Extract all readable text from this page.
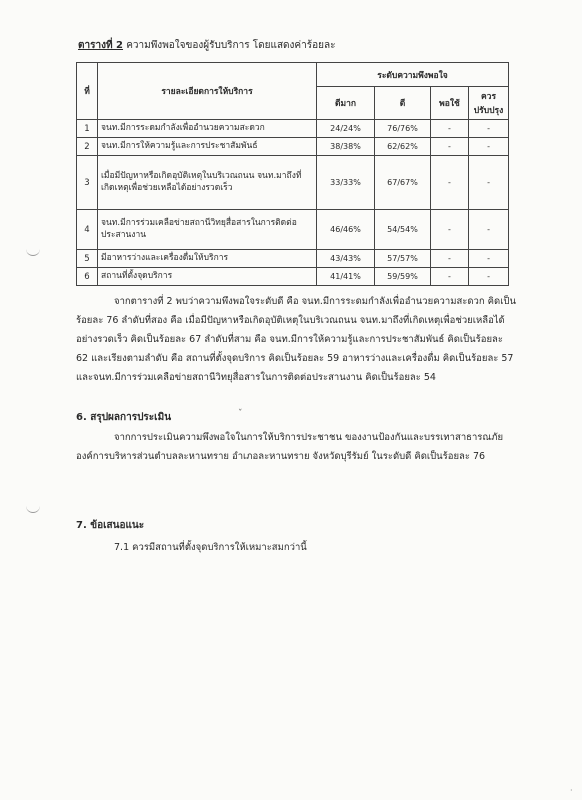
ตารางที่ 2 ความพึงพอใจของผู้รับบริการ โดยแสดงค่าร้อยละ
ที่	รายละเอียดการให้บริการ	ระดับความพึงพอใจ			
		ดีมาก	ดี	พอใช้	ควรปรับปรุง
1	จนท.มีการระดมกำลังเพื่ออำนวยความสะดวก	24/24%	76/76%	-	-
2	จนท.มีการให้ความรู้และการประชาสัมพันธ์	38/38%	62/62%	-	-
3	เมื่อมีปัญหาหรือเกิดอุบัติเหตุในบริเวณถนน จนท.มาถึงที่เกิดเหตุเพื่อช่วยเหลือได้อย่างรวดเร็ว	33/33%	67/67%	-	-
4	จนท.มีการร่วมเคลือข่ายสถานีวิทยุสื่อสารในการติดต่อประสานงาน	46/46%	54/54%	-	-
5	มีอาหารว่างและเครื่องดื่มให้บริการ	43/43%	57/57%	-	-
6	สถานที่ตั้งจุดบริการ	41/41%	59/59%	-	-
จากตารางที่ 2 พบว่าความพึงพอใจระดับดี คือ จนท.มีการระดมกำลังเพื่ออำนวยความสะดวก คิดเป็นร้อยละ 76 ลำดับที่สอง คือ เมื่อมีปัญหาหรือเกิดอุบัติเหตุในบริเวณถนน จนท.มาถึงที่เกิดเหตุเพื่อช่วยเหลือได้อย่างรวดเร็ว คิดเป็นร้อยละ 67 ลำดับที่สาม คือ จนท.มีการให้ความรู้และการประชาสัมพันธ์ คิดเป็นร้อยละ 62 และเรียงตามลำดับ คือ สถานที่ตั้งจุดบริการ คิดเป็นร้อยละ 59 อาหารว่างและเครื่องดื่ม คิดเป็นร้อยละ 57 และจนท.มีการร่วมเคลือข่ายสถานีวิทยุสื่อสารในการติดต่อประสานงาน คิดเป็นร้อยละ 54
6. สรุปผลการประเมิน	ˇ
จากการประเมินความพึงพอใจในการให้บริการประชาชน ของงานป้องกันและบรรเทาสาธารณภัย องค์การบริหารส่วนตำบลละหานทราย อำเภอละหานทราย จังหวัดบุรีรัมย์ ในระดับดี คิดเป็นร้อยละ 76
7. ข้อเสนอแนะ
7.1 ควรมีสถานที่ตั้งจุดบริการให้เหมาะสมกว่านี้
·
